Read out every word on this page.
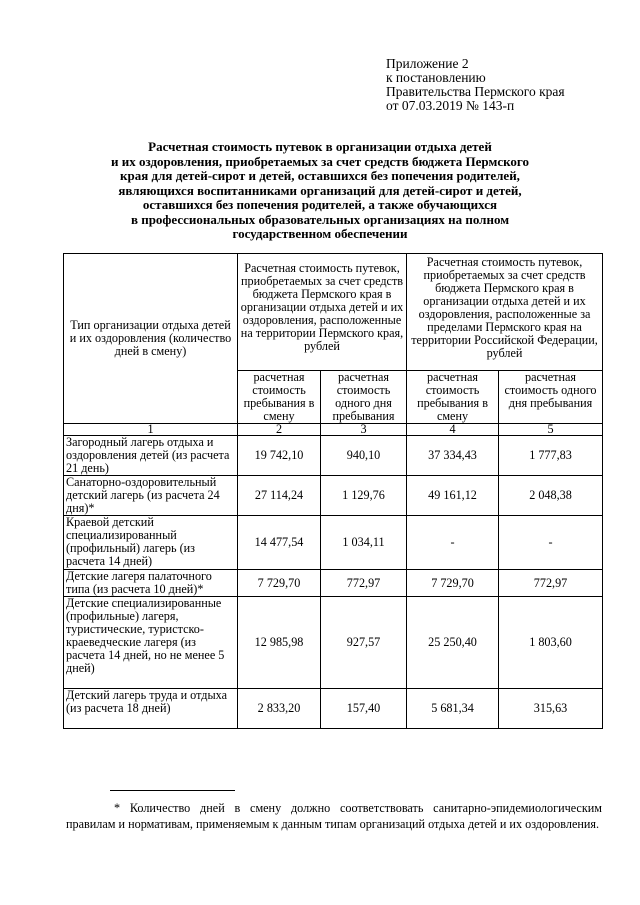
Приложение 2
к постановлению
Правительства Пермского края
от 07.03.2019 № 143-п
Расчетная стоимость путевок в организации отдыха детей
и их оздоровления, приобретаемых за счет средств бюджета Пермского
края для детей-сирот и детей, оставшихся без попечения родителей,
являющихся воспитанниками организаций для детей-сирот и детей,
оставшихся без попечения родителей, а также обучающихся
в профессиональных образовательных организациях на полном
государственном обеспечении
Тип организации отдыха детей и их оздоровления (количество дней в смену)	Расчетная стоимость путевок, приобретаемых за счет средств бюджета Пермского края в организации отдыха детей и их оздоровления, расположенные на территории Пермского края, рублей		Расчетная стоимость путевок, приобретаемых за счет средств бюджета Пермского края в организации отдыха детей и их оздоровления, расположенные за пределами Пермского края на территории Российской Федерации, рублей	
	расчетная стоимость пребывания в смену	расчетная стоимость одного дня пребывания	расчетная стоимость пребывания в смену	расчетная стоимость одного дня пребывания
1	2	3	4	5
Загородный лагерь отдыха и оздоровления детей (из расчета 21 день)	19 742,10	940,10	37 334,43	1 777,83
Санаторно-оздоровительный детский лагерь (из расчета 24 дня)*	27 114,24	1 129,76	49 161,12	2 048,38
Краевой детский специализированный (профильный) лагерь (из расчета 14 дней)	14 477,54	1 034,11	-	-
Детские лагеря палаточного типа (из расчета 10 дней)*	7 729,70	772,97	7 729,70	772,97
Детские специализированные (профильные) лагеря, туристические, туристско-краеведческие лагеря (из расчета 14 дней, но не менее 5 дней)	12 985,98	927,57	25 250,40	1 803,60
Детский лагерь труда и отдыха (из расчета 18 дней)	2 833,20	157,40	5 681,34	315,63
* Количество дней в смену должно соответствовать санитарно-эпидемиологическим правилам и нормативам, применяемым к данным типам организаций отдыха детей и их оздоровления.
